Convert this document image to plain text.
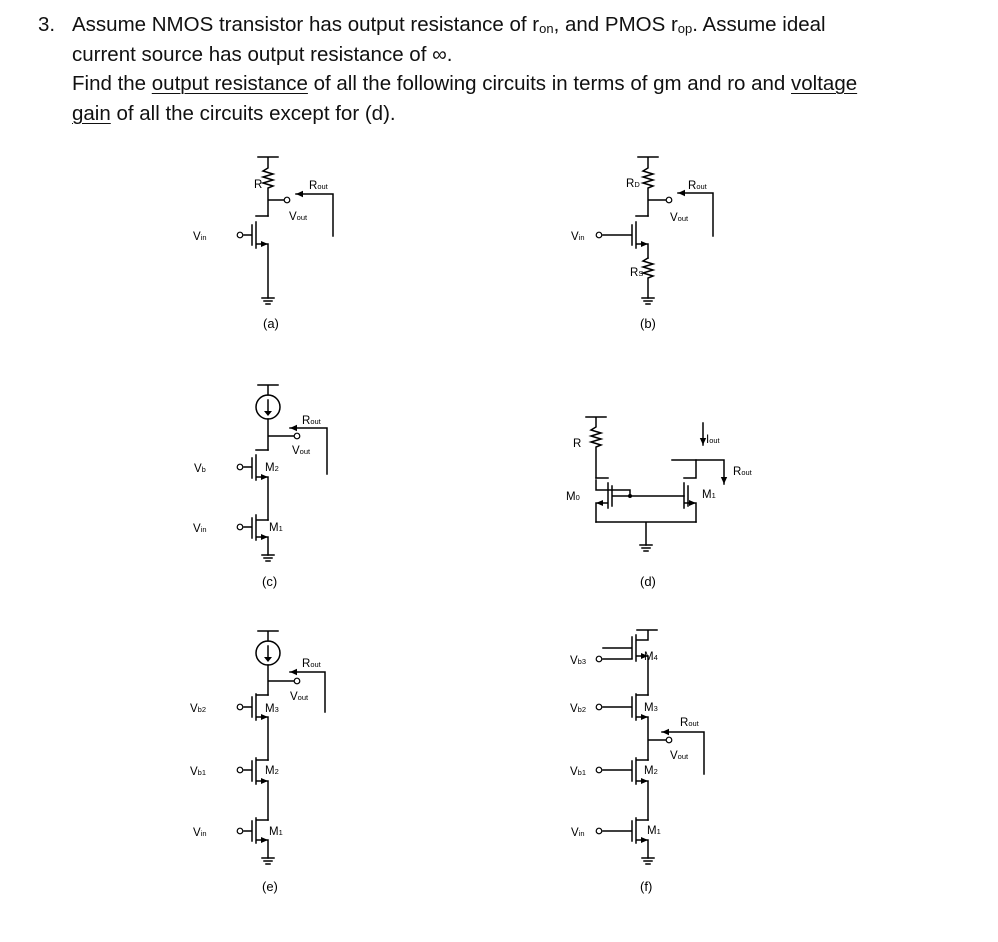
3. Assume NMOS transistor has output resistance of $r_{on}$, and PMOS $r_{op}$. Assume ideal

current source has output resistance of ∞.

Find the output resistance of all the following circuits in terms of gm and ro and voltage

gain of all the circuits except for (d).

R	Rout
Vout
Vin
(a)
RD	Rout
Vout
Vin
RS
(b)
Rout
Vout
Vb	M2
Vin	M1
(c)
R
M0
Iout
Rout
M1
(d)
Rout
Vout
Vb2	M3
Vb1	M2
Vin	M1
(e)
Vb3	M4
Vb2	M3
Rout
Vout
Vb1	M2
Vin	M1
(f)
